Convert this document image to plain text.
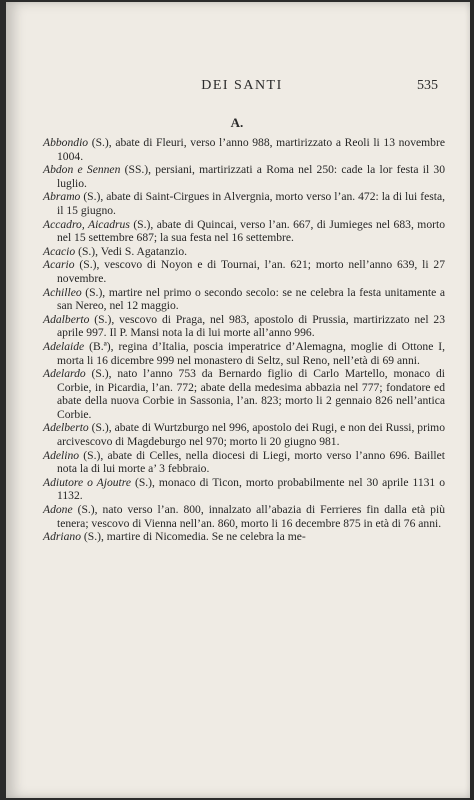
DEI SANTI	535
A.

Abbondio (S.), abate di Fleuri, verso l’anno 988, martirizzato a Reoli li 13 novembre 1004.

Abdon e Sennen (SS.), persiani, martirizzati a Roma nel 250: cade la lor festa il 30 luglio.

Abramo (S.), abate di Saint-Cirgues in Alvergnia, morto verso l’an. 472: la di lui festa, il 15 giugno.

Accadro, Aicadrus (S.), abate di Quincai, verso l’an. 667, di Jumieges nel 683, morto nel 15 settembre 687; la sua festa nel 16 settembre.

Acacio (S.), Vedi S. Agatanzio.

Acario (S.), vescovo di Noyon e di Tournai, l’an. 621; morto nell’anno 639, li 27 novembre.

Achilleo (S.), martire nel primo o secondo secolo: se ne celebra la festa unitamente a san Nereo, nel 12 maggio.

Adalberto (S.), vescovo di Praga, nel 983, apostolo di Prussia, martirizzato nel 23 aprile 997. Il P. Mansi nota la di lui morte all’anno 996.

Adelaide (B.ª), regina d’Italia, poscia imperatrice d’Alemagna, moglie di Ottone I, morta li 16 dicembre 999 nel monastero di Seltz, sul Reno, nell’età di 69 anni.

Adelardo (S.), nato l’anno 753 da Bernardo figlio di Carlo Martello, monaco di Corbie, in Picardia, l’an. 772; abate della medesima abbazia nel 777; fondatore ed abate della nuova Corbie in Sassonia, l’an. 823; morto li 2 gennaio 826 nell’antica Corbie.

Adelberto (S.), abate di Wurtzburgo nel 996, apostolo dei Rugi, e non dei Russi, primo arcivescovo di Magdeburgo nel 970; morto li 20 giugno 981.

Adelino (S.), abate di Celles, nella diocesi di Liegi, morto verso l’anno 696. Baillet nota la di lui morte a’ 3 febbraio.

Adiutore o Ajoutre (S.), monaco di Ticon, morto probabilmente nel 30 aprile 1131 o 1132.

Adone (S.), nato verso l’an. 800, innalzato all’abazia di Ferrieres fin dalla età più tenera; vescovo di Vienna nell’an. 860, morto li 16 decembre 875 in età di 76 anni.

Adriano (S.), martire di Nicomedia. Se ne celebra la me-
